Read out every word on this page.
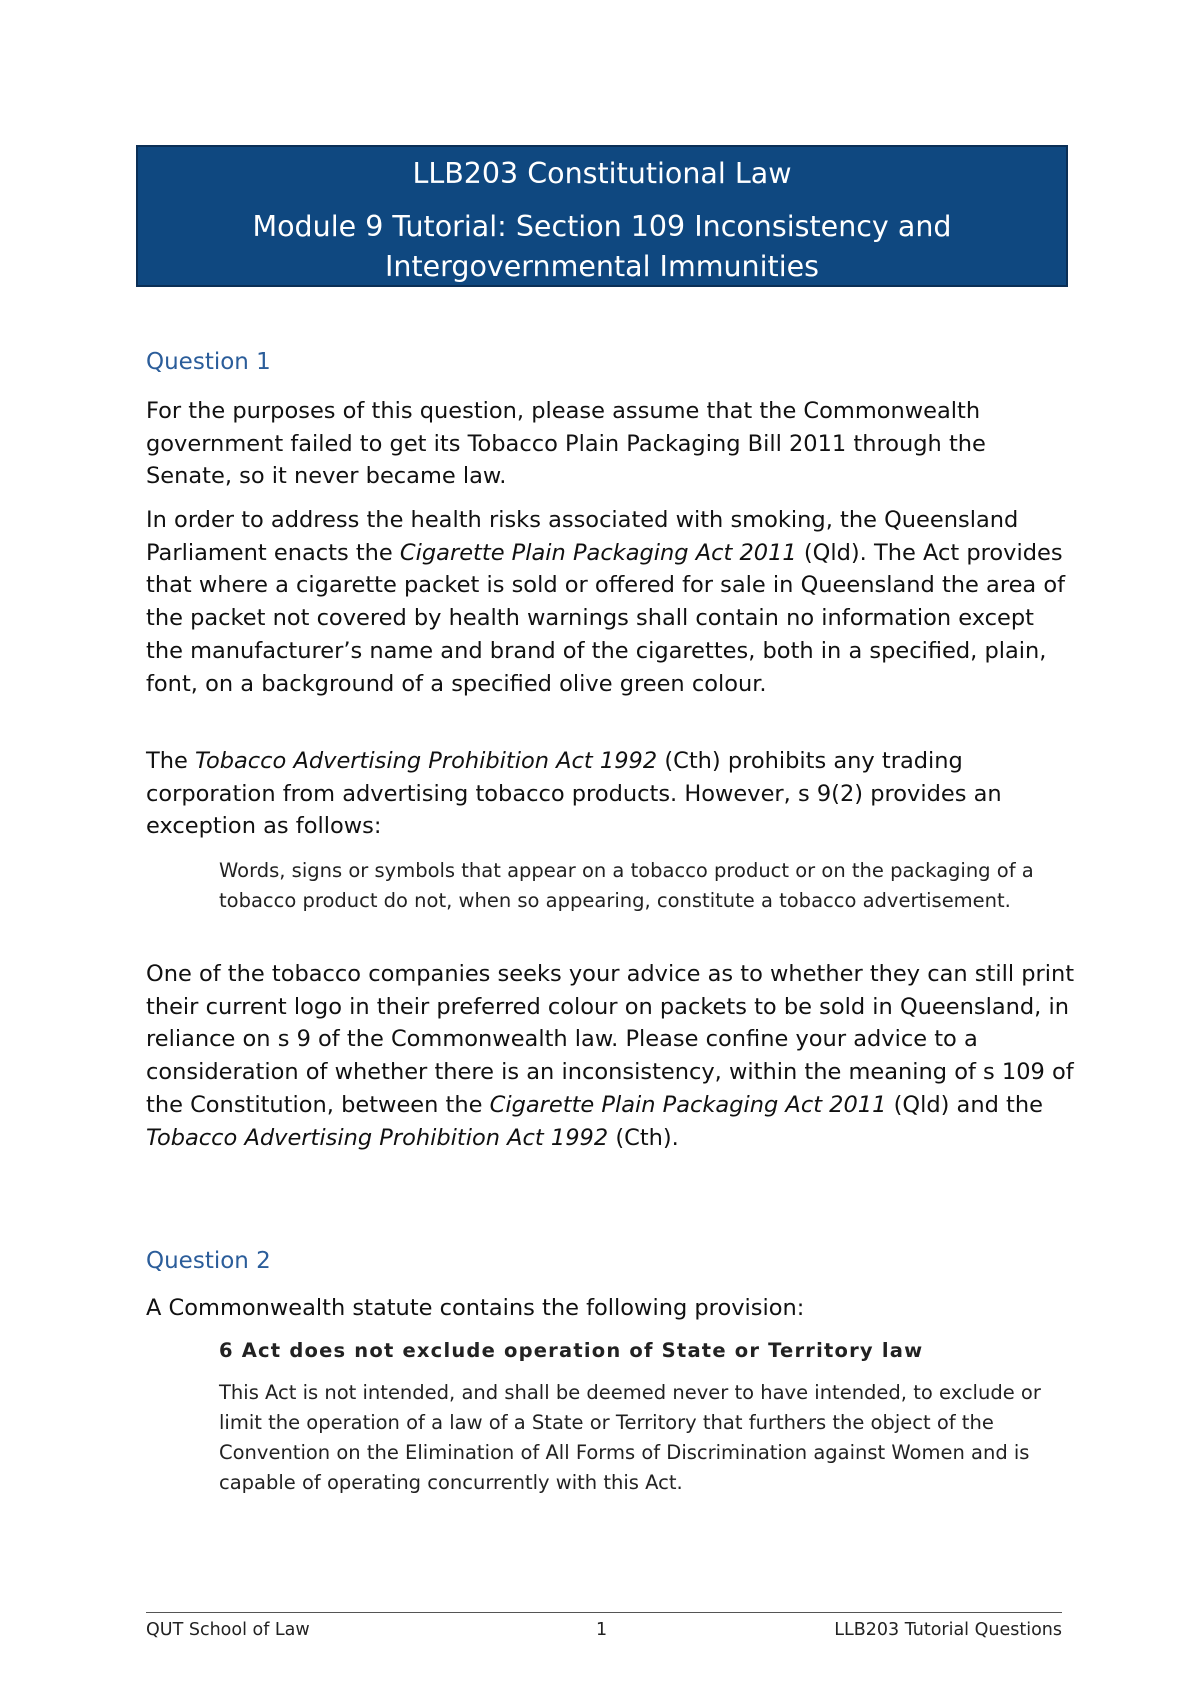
LLB203 Constitutional Law
Module 9 Tutorial: Section 109 Inconsistency and
Intergovernmental Immunities
Question 1

For the purposes of this question, please assume that the Commonwealth government failed to get its Tobacco Plain Packaging Bill 2011 through the Senate, so it never became law.

In order to address the health risks associated with smoking, the Queensland Parliament enacts the Cigarette Plain Packaging Act 2011 (Qld). The Act provides that where a cigarette packet is sold or offered for sale in Queensland the area of the packet not covered by health warnings shall contain no information except the manufacturer’s name and brand of the cigarettes, both in a specified, plain, font, on a background of a specified olive green colour.

The Tobacco Advertising Prohibition Act 1992 (Cth) prohibits any trading corporation from advertising tobacco products. However, s 9(2) provides an exception as follows:

Words, signs or symbols that appear on a tobacco product or on the packaging of a tobacco product do not, when so appearing, constitute a tobacco advertisement.

One of the tobacco companies seeks your advice as to whether they can still print their current logo in their preferred colour on packets to be sold in Queensland, in reliance on s 9 of the Commonwealth law. Please confine your advice to a consideration of whether there is an inconsistency, within the meaning of s 109 of the Constitution, between the Cigarette Plain Packaging Act 2011 (Qld) and the Tobacco Advertising Prohibition Act 1992 (Cth).

Question 2

A Commonwealth statute contains the following provision:

6 Act does not exclude operation of State or Territory law

This Act is not intended, and shall be deemed never to have intended, to exclude or limit the operation of a law of a State or Territory that furthers the object of the Convention on the Elimination of All Forms of Discrimination against Women and is capable of operating concurrently with this Act.

QUT School of Law	1	LLB203 Tutorial Questions
